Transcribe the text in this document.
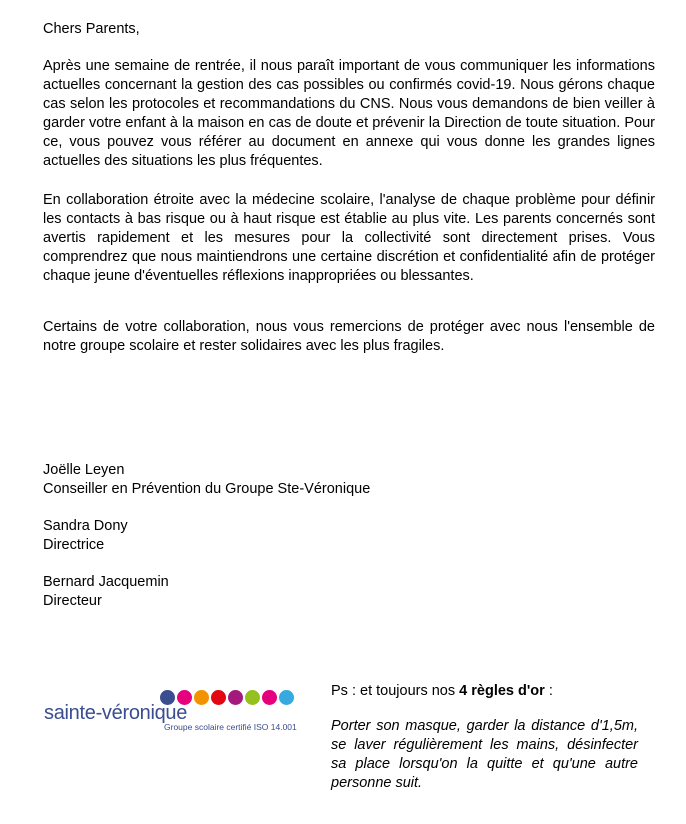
Chers Parents,

Après une semaine de rentrée, il nous paraît important de vous communiquer les informations actuelles concernant la gestion des cas possibles ou confirmés covid-19. Nous gérons chaque cas selon les protocoles et recommandations du CNS. Nous vous demandons de bien veiller à garder votre enfant à la maison en cas de doute et prévenir la Direction de toute situation. Pour ce, vous pouvez vous référer au document en annexe qui vous donne les grandes lignes actuelles des situations les plus fréquentes.

En collaboration étroite avec la médecine scolaire, l'analyse de chaque problème pour définir les contacts à bas risque ou à haut risque est établie au plus vite. Les parents concernés sont avertis rapidement et les mesures pour la collectivité sont directement prises. Vous comprendrez que nous maintiendrons une certaine discrétion et confidentialité afin de protéger chaque jeune d'éventuelles réflexions inappropriées ou blessantes.

Certains de votre collaboration, nous vous remercions de protéger avec nous l'ensemble de notre groupe scolaire et rester solidaires avec les plus fragiles.

Joëlle Leyen
Conseiller en Prévention du Groupe Ste-Véronique
Sandra Dony
Directrice
Bernard Jacquemin
Directeur
sainte-véronique
Groupe scolaire certifié ISO 14.001
Ps : et toujours nos 4 règles d'or :
Porter son masque, garder la distance d'1,5m, se laver régulièrement les mains, désinfecter sa place lorsqu'on la quitte et qu'une autre personne suit.
